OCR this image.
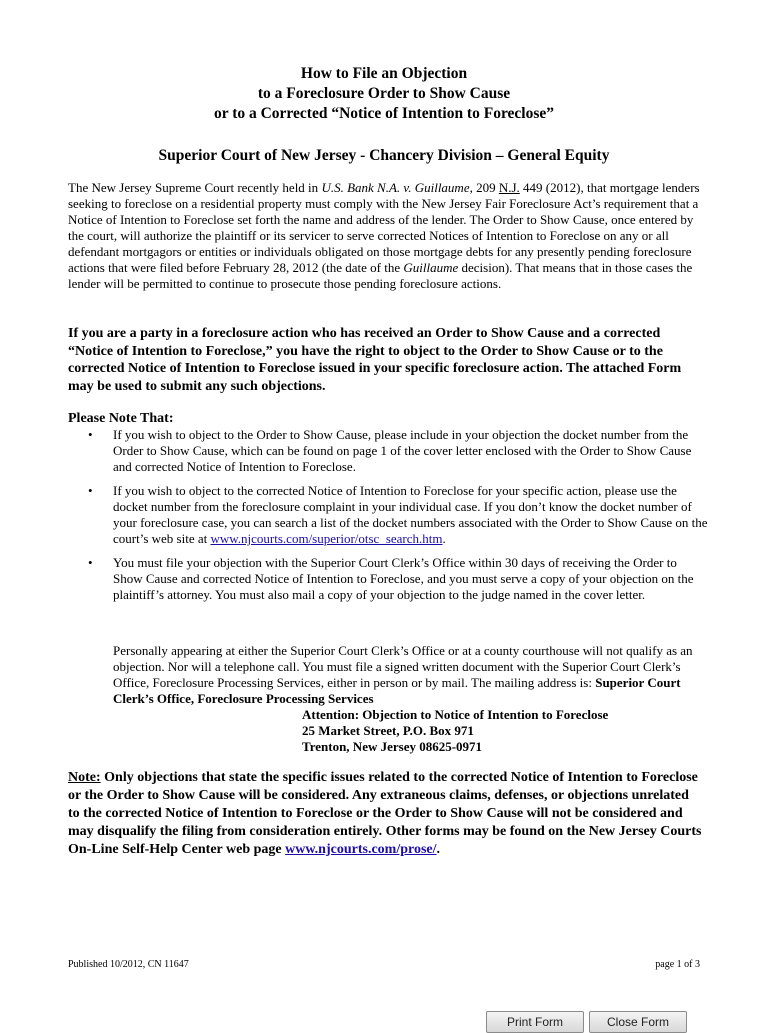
How to File an Objection
to a Foreclosure Order to Show Cause
or to a Corrected “Notice of Intention to Foreclose”
Superior Court of New Jersey - Chancery Division – General Equity
The New Jersey Supreme Court recently held in U.S. Bank N.A. v. Guillaume, 209 N.J. 449 (2012), that mortgage lenders seeking to foreclose on a residential property must comply with the New Jersey Fair Foreclosure Act’s requirement that a Notice of Intention to Foreclose set forth the name and address of the lender. The Order to Show Cause, once entered by the court, will authorize the plaintiff or its servicer to serve corrected Notices of Intention to Foreclose on any or all defendant mortgagors or entities or individuals obligated on those mortgage debts for any presently pending foreclosure actions that were filed before February 28, 2012 (the date of the Guillaume decision). That means that in those cases the lender will be permitted to continue to prosecute those pending foreclosure actions.
If you are a party in a foreclosure action who has received an Order to Show Cause and a corrected “Notice of Intention to Foreclose,” you have the right to object to the Order to Show Cause or to the corrected Notice of Intention to Foreclose issued in your specific foreclosure action. The attached Form may be used to submit any such objections.
Please Note That:
• If you wish to object to the Order to Show Cause, please include in your objection the docket number from the Order to Show Cause, which can be found on page 1 of the cover letter enclosed with the Order to Show Cause and corrected Notice of Intention to Foreclose.
• If you wish to object to the corrected Notice of Intention to Foreclose for your specific action, please use the docket number from the foreclosure complaint in your individual case. If you don’t know the docket number of your foreclosure case, you can search a list of the docket numbers associated with the Order to Show Cause on the court’s web site at www.njcourts.com/superior/otsc_search.htm.
• You must file your objection with the Superior Court Clerk’s Office within 30 days of receiving the Order to Show Cause and corrected Notice of Intention to Foreclose, and you must serve a copy of your objection on the plaintiff’s attorney. You must also mail a copy of your objection to the judge named in the cover letter.
Personally appearing at either the Superior Court Clerk’s Office or at a county courthouse will not qualify as an objection. Nor will a telephone call. You must file a signed written document with the Superior Court Clerk’s Office, Foreclosure Processing Services, either in person or by mail. The mailing address is: Superior Court Clerk’s Office, Foreclosure Processing Services
Attention: Objection to Notice of Intention to Foreclose
25 Market Street, P.O. Box 971
Trenton, New Jersey 08625-0971
Note: Only objections that state the specific issues related to the corrected Notice of Intention to Foreclose or the Order to Show Cause will be considered. Any extraneous claims, defenses, or objections unrelated to the corrected Notice of Intention to Foreclose or the Order to Show Cause will not be considered and may disqualify the filing from consideration entirely. Other forms may be found on the New Jersey Courts On-Line Self-Help Center web page www.njcourts.com/prose/.
Published 10/2012, CN 11647	page 1 of 3
Print Form	Close Form
